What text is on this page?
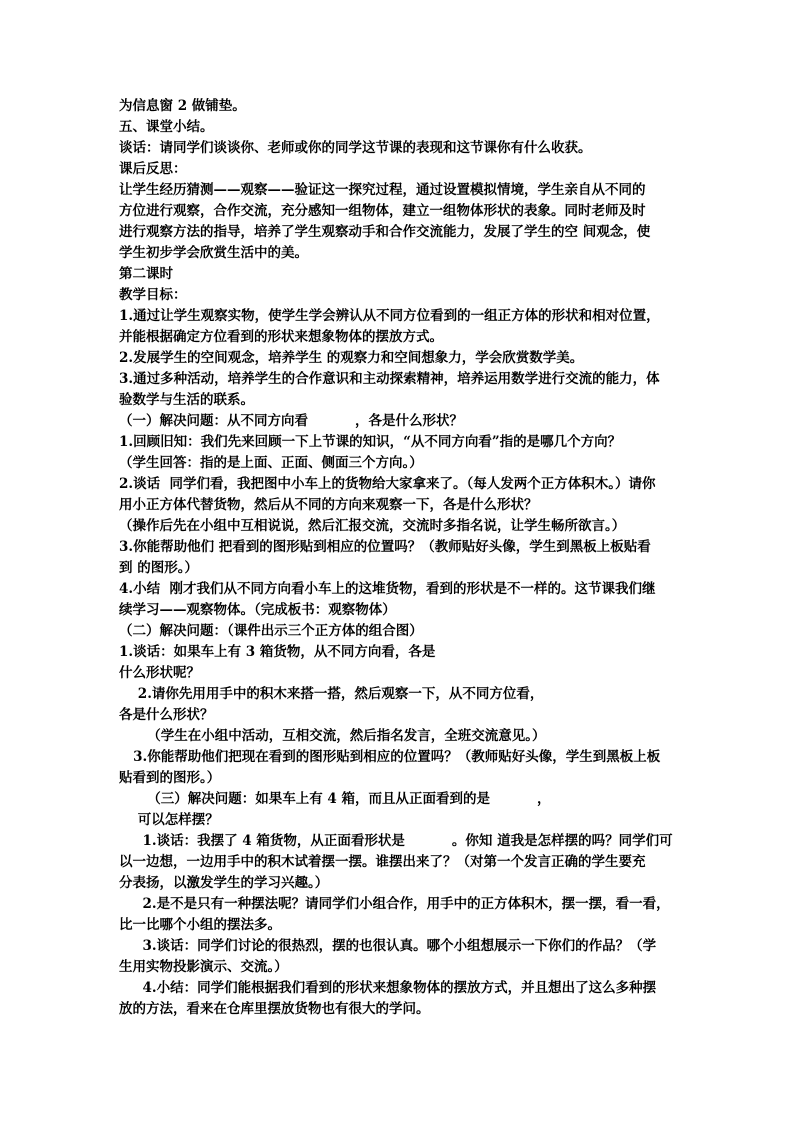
为信息窗 2 做铺垫。
五、课堂小结。
谈话：请同学们谈谈你、老师或你的同学这节课的表现和这节课你有什么收获。
课后反思：
让学生经历猜测——观察——验证这一探究过程，通过设置模拟情境，学生亲自从不同的
方位进行观察，合作交流，充分感知一组物体，建立一组物体形状的表象。同时老师及时
进行观察方法的指导，培养了学生观察动手和合作交流能力，发展了学生的空 间观念，使
学生初步学会欣赏生活中的美。
第二课时
教学目标：
1.通过让学生观察实物，使学生学会辨认从不同方位看到的一组正方体的形状和相对位置，
并能根据确定方位看到的形状来想象物体的摆放方式。
2.发展学生的空间观念，培养学生 的观察力和空间想象力，学会欣赏数学美。
3.通过多种活动，培养学生的合作意识和主动探索精神，培养运用数学进行交流的能力，体
验数学与生活的联系。
（一）解决问题：从不同方向看          ，各是什么形状？
1.回顾旧知：我们先来回顾一下上节课的知识，“从不同方向看”指的是哪几个方向？
（学生回答：指的是上面、正面、侧面三个方向。）
2.谈话  同学们看，我把图中小车上的货物给大家拿来了。（每人发两个正方体积木。）请你
用小正方体代替货物，然后从不同的方向来观察一下，各是什么形状？
（操作后先在小组中互相说说，然后汇报交流，交流时多指名说，让学生畅所欲言。）
3.你能帮助他们 把看到的图形贴到相应的位置吗？（教师贴好头像，学生到黑板上板贴看
到 的图形。）
4.小结  刚才我们从不同方向看小车上的这堆货物，看到的形状是不一样的。这节课我们继
续学习——观察物体。（完成板书：观察物体）
（二）解决问题：（课件出示三个正方体的组合图）
1.谈话：如果车上有 3 箱货物，从不同方向看，各是
什么形状呢？
2.请你先用用手中的积木来搭一搭，然后观察一下，从不同方位看，
各是什么形状？
（学生在小组中活动，互相交流，然后指名发言，全班交流意见。）
3.你能帮助他们把现在看到的图形贴到相应的位置吗？（教师贴好头像，学生到黑板上板
贴看到的图形。）
（三）解决问题：如果车上有 4 箱，而且从正面看到的是          ，
可以怎样摆？
1.谈话：我摆了 4 箱货物，从正面看形状是          。你知 道我是怎样摆的吗？同学们可
以一边想，一边用手中的积木试着摆一摆。谁摆出来了？（对第一个发言正确的学生要充
分表扬，以激发学生的学习兴趣。）
2.是不是只有一种摆法呢？请同学们小组合作，用手中的正方体积木，摆一摆，看一看，
比一比哪个小组的摆法多。
3.谈话：同学们讨论的很热烈，摆的也很认真。哪个小组想展示一下你们的作品？（学
生用实物投影演示、交流。）
4.小结：同学们能根据我们看到的形状来想象物体的摆放方式，并且想出了这么多种摆
放的方法，看来在仓库里摆放货物也有很大的学问。
